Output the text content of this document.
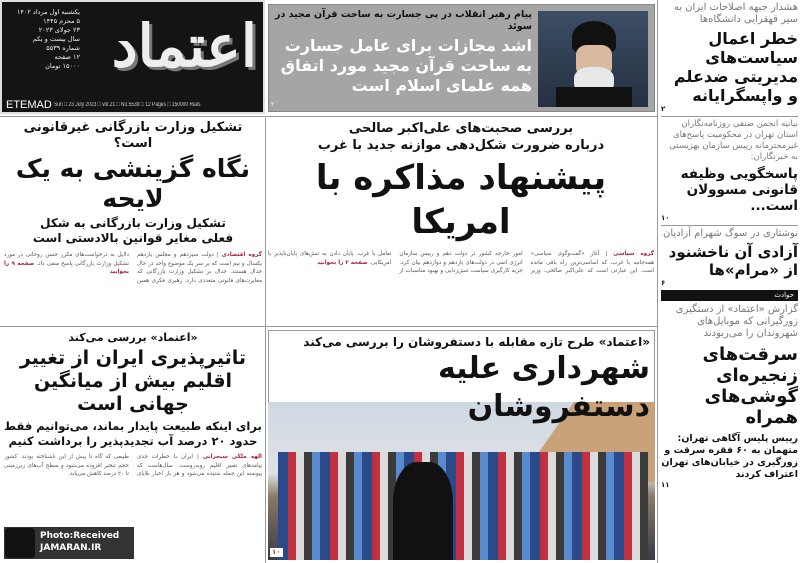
اعتماد
یکشنبه اول مرداد ۱۴۰۲
۵ محرم ۱۴۴۵
۲۳ جولای ۲۰۲۳
سال بیست و یکم
شماره ۵۵۳۹
۱۲ صفحه
۱۵۰۰۰ تومان
ETEMAD Sun □ 23 July 2023 □ vol.21 □ No.5539 □ 12 Pages □ 150000 Rials
پیام رهبر انقلاب در پی جسارت به ساحت قرآن مجید در سوئد
اشد مجازات برای عامل جسارت به ساحت قرآن مجید مورد اتفاق همه علمای اسلام است
۲
تشکیل وزارت بازرگانی غیرقانونی است؟
نگاه گزینشی به یک لایحه
تشکیل وزارت بازرگانی به شکل فعلی مغایر قوانین بالادستی است
گروه اقتصادی | دولت سیزدهم و مجلس یازدهم یکسال و نیم است که بر سر یک موضوع واحد در حال جدال هستند. جدال بر تشکیل وزارت بازرگانی که مغایرت‌های قانونی متعددی دارد. رهبری فکری همین دلایل به درخواست‌های مکرر حسن روحانی در مورد تشکیل وزارت بازرگانی پاسخ منفی داد. صفحه ۹ را بخوانید
بررسی صحبت‌های علی‌اکبر صالحی
درباره ضرورت شکل‌دهی موازنه جدید با غرب
پیشنهاد مذاکره با امریکا
گروه سیاسی | آغاز «گفت‌وگوی سیاسی» همه‌جانبه با غرب، که اساسی‌ترین راه باقی مانده است. این عبارتی است که علی‌اکبر صالحی، وزیر امور خارجه کشور در دولت دهم و رییس سازمان انرژی اتمی در دولت‌های یازدهم و دوازدهم بیان کرد. جزیه کارگیری سیاست تنش‌زدایی و بهبود مناسبات از تعامل با غرب. پایان دادن به تنش‌های پایان‌ناپذیر با امریکایی. صفحه ۲ را بخوانید
«اعتماد» بررسی می‌کند
تاثیرپذیری ایران از تغییر اقلیم بیش از میانگین جهانی است
برای اینکه طبیعت پایدار بماند، می‌توانیم فقط حدود ۲۰ درصد آب تجدیدپذیر را برداشت کنیم
الهه ملکی سنجرانی | ایران با خطرات جدی پیامدهای تغییر اقلیم روبه‌روست. سال‌هاست که پیوسته این جمله شنیده می‌شود و هر بار اخبار بلایای طبیعی که گاه تا پیش از این ناشناخته بودند. کشور حجم تبخیر افزوده می‌شود و سطح آب‌های زیرزمینی تا ۲۰ درصد کاهش می‌یابد.
Photo:Received
JAMARAN.IR
«اعتماد» طرح تازه مقابله با دستفروشان را بررسی می‌کند
شهرداری علیه دستفروشان
۱۰
هشدار جبهه اصلاحات ایران به سیر قهقرایی دانشگاه‌ها
خطر اعمال سیاست‌های مدیریتی ضدعلم و واپسگرایانه
۲
بیانیه انجمن صنفی روزنامه‌نگاران استان تهران در محکومیت پاسخ‌های غیرمحترمانه رییس سازمان بهزیستی به خبرنگاران:
پاسخگویی وظیفه قانونی مسوولان است...
۱۰
نوشتاری در سوگ شهرام آزادیان
آزادی آن ناخشنود از «مرام»ها
۶
حوادث
گزارش «اعتماد» از دستگیری زورگیرانی که موبایل‌های شهروندان را می‌ربودند
سرقت‌های زنجیره‌ای گوشی‌های همراه
رییس پلیس آگاهی تهران: متهمان به ۶۰ فقره سرقت و زورگیری در خیابان‌های تهران اعتراف کردند
۱۱
